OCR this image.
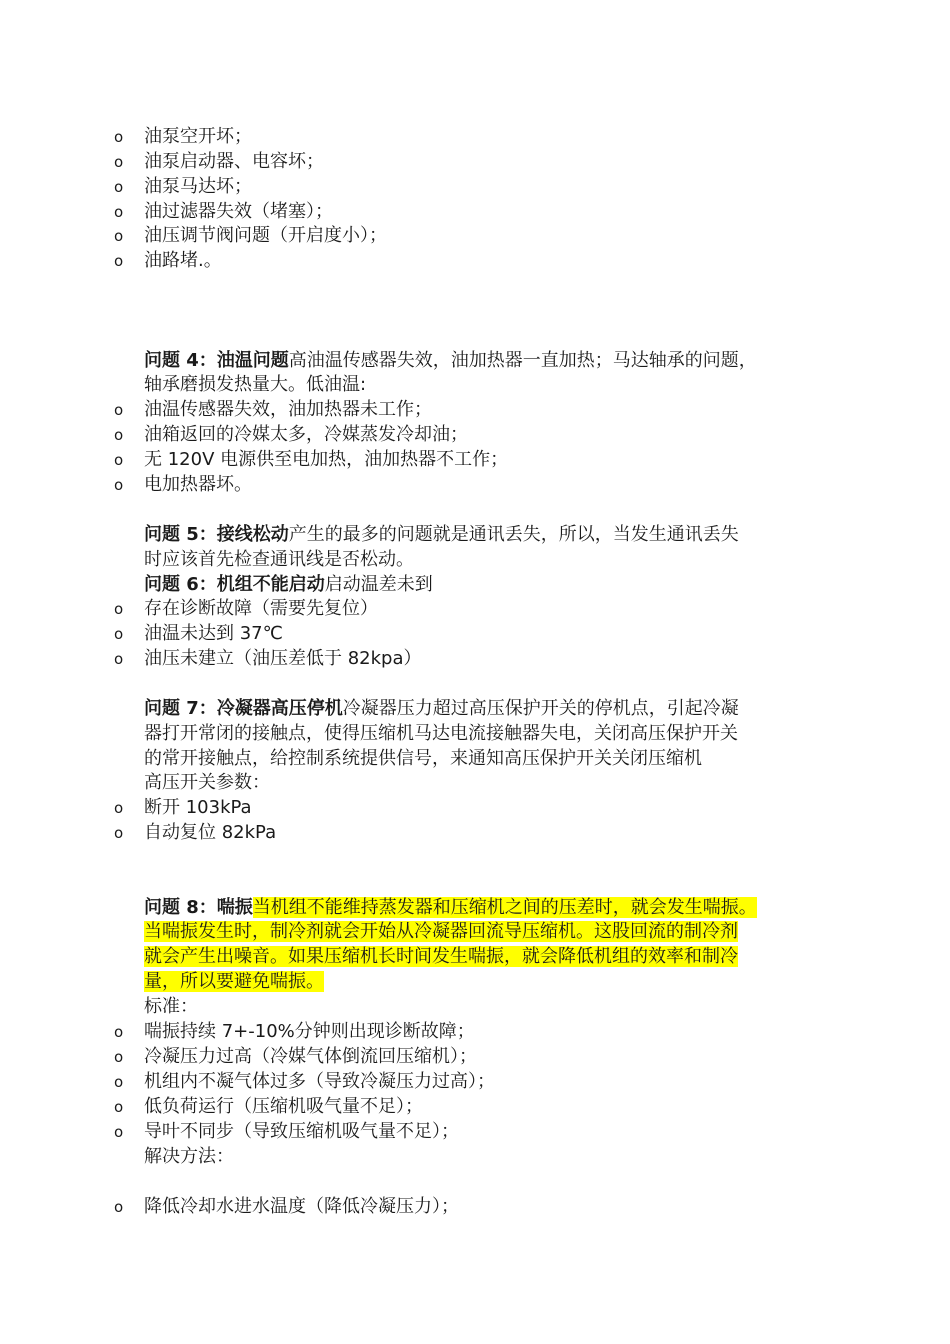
o 油泵空开坏；
o 油泵启动器、电容坏；
o 油泵马达坏；
o 油过滤器失效（堵塞）；
o 油压调节阀问题（开启度小）；
o 油路堵.。
问题 4：油温问题高油温传感器失效，油加热器一直加热；马达轴承的问题，
轴承磨损发热量大。低油温:
o 油温传感器失效，油加热器未工作；
o 油箱返回的冷媒太多，冷媒蒸发冷却油；
o 无 120V 电源供至电加热，油加热器不工作；
o 电加热器坏。
问题 5：接线松动产生的最多的问题就是通讯丢失，所以，当发生通讯丢失
时应该首先检查通讯线是否松动。
问题 6：机组不能启动启动温差未到
o 存在诊断故障（需要先复位）
o 油温未达到 37℃
o 油压未建立（油压差低于 82kpa）
问题 7：冷凝器高压停机冷凝器压力超过高压保护开关的停机点，引起冷凝
器打开常闭的接触点，使得压缩机马达电流接触器失电，关闭高压保护开关
的常开接触点，给控制系统提供信号，来通知高压保护开关关闭压缩机
高压开关参数：
o 断开 103kPa
o 自动复位 82kPa
问题 8：喘振当机组不能维持蒸发器和压缩机之间的压差时，就会发生喘振。
当喘振发生时，制冷剂就会开始从冷凝器回流导压缩机。这股回流的制冷剂
就会产生出噪音。如果压缩机长时间发生喘振，就会降低机组的效率和制冷
量，所以要避免喘振。
标准：
o 喘振持续 7+-10%分钟则出现诊断故障；
o 冷凝压力过高（冷媒气体倒流回压缩机）；
o 机组内不凝气体过多（导致冷凝压力过高）；
o 低负荷运行（压缩机吸气量不足）；
o 导叶不同步（导致压缩机吸气量不足）；
解决方法：
o 降低冷却水进水温度（降低冷凝压力）；
